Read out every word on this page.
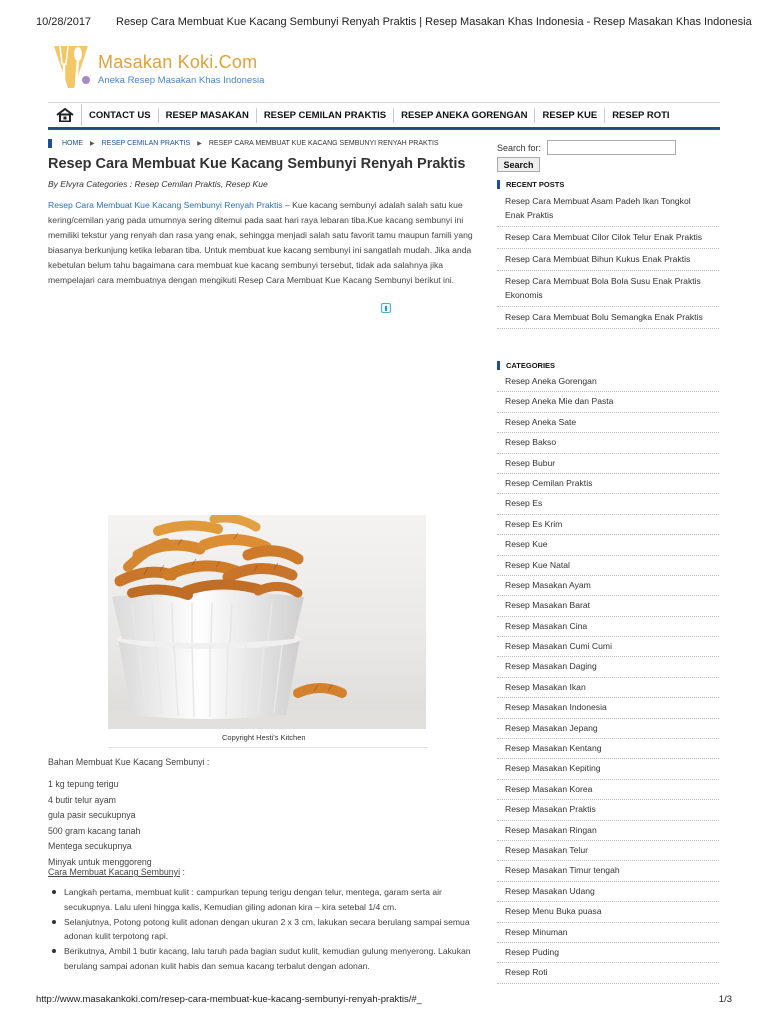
10/28/2017 Resep Cara Membuat Kue Kacang Sembunyi Renyah Praktis | Resep Masakan Khas Indonesia - Resep Masakan Khas Indonesia
Masakan Koki.Com
Aneka Resep Masakan Khas Indonesia
CONTACT US	RESEP MASAKAN	RESEP CEMILAN PRAKTIS	RESEP ANEKA GORENGAN	RESEP KUE	RESEP ROTI
HOME ▶ RESEP CEMILAN PRAKTIS ▶ RESEP CARA MEMBUAT KUE KACANG SEMBUNYI RENYAH PRAKTIS
Resep Cara Membuat Kue Kacang Sembunyi Renyah Praktis
By Elvyra Categories : Resep Cemilan Praktis, Resep Kue

Resep Cara Membuat Kue Kacang Sembunyi Renyah Praktis – Kue kacang sembunyi adalah salah satu kue kering/cemilan yang pada umumnya sering ditemui pada saat hari raya lebaran tiba.Kue kacang sembunyi ini memiliki tekstur yang renyah dan rasa yang enak, sehingga menjadi salah satu favorit tamu maupun famili yang biasanya berkunjung ketika lebaran tiba. Untuk membuat kue kacang sembunyi ini sangatlah mudah. Jika anda kebetulan belum tahu bagaimana cara membuat kue kacang sembunyi tersebut, tidak ada salahnya jika mempelajari cara membuatnya dengan mengikuti Resep Cara Membuat Kue Kacang Sembunyi berikut ini.

Copyright Hesti's Kitchen
Bahan Membuat Kue Kacang Sembunyi :
1 kg tepung terigu
4 butir telur ayam
gula pasir secukupnya
500 gram kacang tanah
Mentega secukupnya
Minyak untuk menggoreng
Cara Membuat Kacang Sembunyi :
Langkah pertama, membuat kulit : campurkan tepung terigu dengan telur, mentega, garam serta air secukupnya. Lalu uleni hingga kalis, Kemudian giling adonan kira – kira setebal 1/4 cm.
Selanjutnya, Potong potong kulit adonan dengan ukuran 2 x 3 cm, lakukan secara berulang sampai semua adonan kulit terpotong rapi.
Berikutnya, Ambil 1 butir kacang, lalu taruh pada bagian sudut kulit, kemudian gulung menyerong. Lakukan berulang sampai adonan kulit habis dan semua kacang terbalut dengan adonan.
Search for:
Search
RECENT POSTS
Resep Cara Membuat Asam Padeh Ikan Tongkol Enak Praktis
Resep Cara Membuat Cilor Cilok Telur Enak Praktis
Resep Cara Membuat Bihun Kukus Enak Praktis
Resep Cara Membuat Bola Bola Susu Enak Praktis Ekonomis
Resep Cara Membuat Bolu Semangka Enak Praktis
CATEGORIES
Resep Aneka Gorengan
Resep Aneka Mie dan Pasta
Resep Aneka Sate
Resep Bakso
Resep Bubur
Resep Cemilan Praktis
Resep Es
Resep Es Krim
Resep Kue
Resep Kue Natal
Resep Masakan Ayam
Resep Masakan Barat
Resep Masakan Cina
Resep Masakan Cumi Cumi
Resep Masakan Daging
Resep Masakan Ikan
Resep Masakan Indonesia
Resep Masakan Jepang
Resep Masakan Kentang
Resep Masakan Kepiting
Resep Masakan Korea
Resep Masakan Praktis
Resep Masakan Ringan
Resep Masakan Telur
Resep Masakan Timur tengah
Resep Masakan Udang
Resep Menu Buka puasa
Resep Minuman
Resep Puding
Resep Roti
http://www.masakankoki.com/resep-cara-membuat-kue-kacang-sembunyi-renyah-praktis/#_	1/3
